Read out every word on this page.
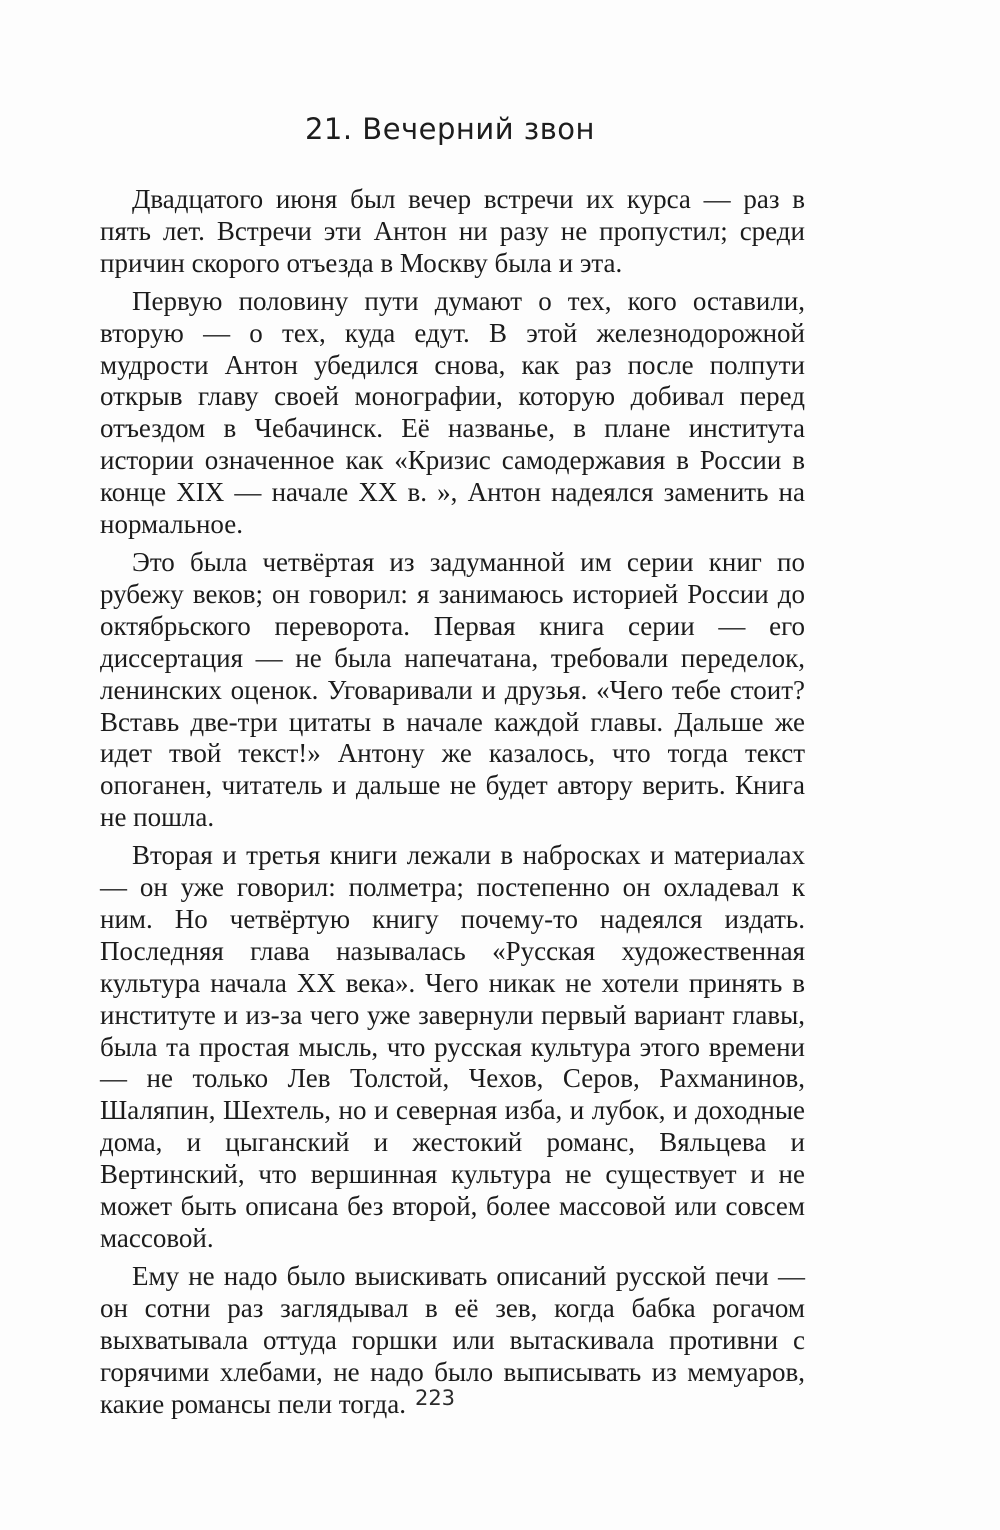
21. Вечерний звон

Двадцатого июня был вечер встречи их курса — раз в пять лет. Встречи эти Антон ни разу не пропустил; среди причин скорого отъезда в Москву была и эта.

Первую половину пути думают о тех, кого оставили, вторую — о тех, куда едут. В этой железнодорожной мудрости Антон убедился снова, как раз после полпути открыв главу своей монографии, которую добивал перед отъездом в Чебачинск. Её названье, в плане института истории означенное как «Кризис самодержавия в России в конце XIX — начале XX в. », Антон надеялся заменить на нормальное.

Это была четвёртая из задуманной им серии книг по рубежу веков; он говорил: я занимаюсь историей России до октябрьского переворота. Первая книга серии — его диссертация — не была напечатана, требовали переделок, ленинских оценок. Уговаривали и друзья. «Чего тебе стоит? Вставь две-три цитаты в начале каждой главы. Дальше же идет твой текст!» Антону же казалось, что тогда текст опоганен, читатель и дальше не будет автору верить. Книга не пошла.

Вторая и третья книги лежали в набросках и материалах — он уже говорил: полметра; постепенно он охладевал к ним. Но четвёртую книгу почему-то надеялся издать. Последняя глава называлась «Русская художественная культура начала XX века». Чего никак не хотели принять в институте и из-за чего уже завернули первый вариант главы, была та простая мысль, что русская культура этого времени — не только Лев Толстой, Чехов, Серов, Рахманинов, Шаляпин, Шехтель, но и северная изба, и лубок, и доходные дома, и цыганский и жестокий романс, Вяльцева и Вертинский, что вершинная культура не существует и не может быть описана без второй, более массовой или совсем массовой.

Ему не надо было выискивать описаний русской печи — он сотни раз заглядывал в её зев, когда бабка рогачом выхватывала оттуда горшки или вытаскивала противни с горячими хлебами, не надо было выписывать из мемуаров, какие романсы пели тогда. 223
